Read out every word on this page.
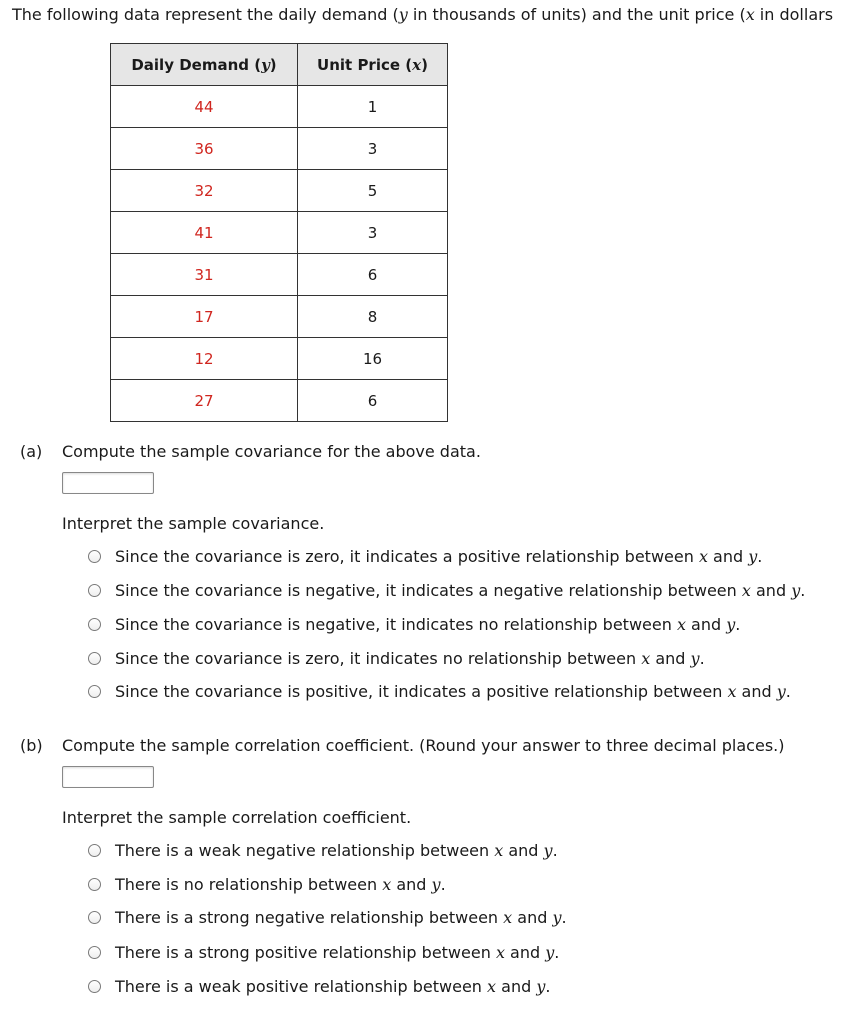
The following data represent the daily demand (y in thousands of units) and the unit price (x in dollars
Daily Demand (y)	Unit Price (x)
44	1
36	3
32	5
41	3
31	6
17	8
12	16
27	6
(a) Compute the sample covariance for the above data.
Interpret the sample covariance.
Since the covariance is zero, it indicates a positive relationship between x and y.
Since the covariance is negative, it indicates a negative relationship between x and y.
Since the covariance is negative, it indicates no relationship between x and y.
Since the covariance is zero, it indicates no relationship between x and y.
Since the covariance is positive, it indicates a positive relationship between x and y.
(b) Compute the sample correlation coefficient. (Round your answer to three decimal places.)
Interpret the sample correlation coefficient.
There is a weak negative relationship between x and y.
There is no relationship between x and y.
There is a strong negative relationship between x and y.
There is a strong positive relationship between x and y.
There is a weak positive relationship between x and y.
